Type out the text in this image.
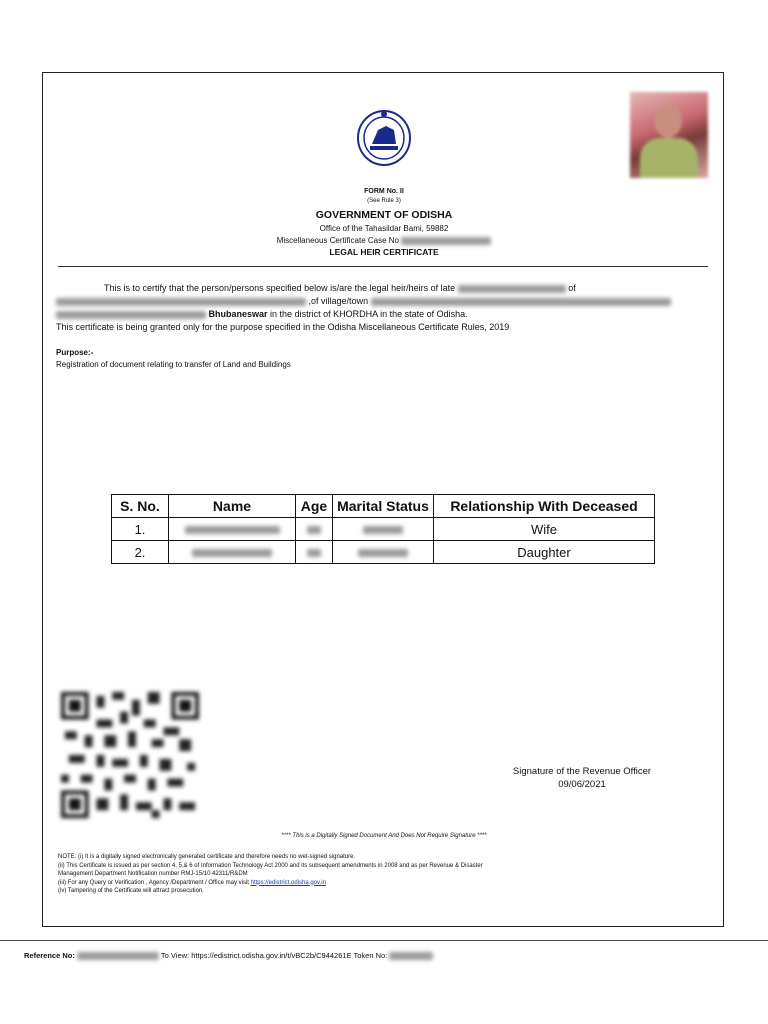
FORM No. II
(See Rule 3)
GOVERNMENT OF ODISHA
Office of the Tahasildar Bami, 59882
Miscellaneous Certificate Case No
LEGAL HEIR CERTIFICATE
This is to certify that the person/persons specified below is/are the legal heir/heirs of late	of
,of village/town
Bhubaneswar in the district of KHORDHA in the state of Odisha.
This certificate is being granted only for the purpose specified in the Odisha Miscellaneous Certificate Rules, 2019
Purpose:-
Registration of document relating to transfer of Land and Buildings
S. No.	Name	Age	Marital Status	Relationship With Deceased
1.				Wife
2.				Daughter
Signature of the Revenue Officer
09/06/2021
**** This is a Digitally Signed Document And Does Not Require Signature ****
NOTE: (i) It is a digitally signed electronically generated certificate and therefore needs no wet-signed signature.
(ii) This Certificate is issued as per section 4, 5,& 6 of Information Technology Act 2000 and its subsequent amendments in 2008 and as per Revenue & Disaster
Management Department Notification number RMJ-15/10 42311/R&DM
(iii) For any Query or Verification , Agency /Department / Office may visit https://edistrict.odisha.gov.in
(iv) Tampering of the Certificate will attract prosecution.
Reference No:	To View: https://edistrict.odisha.gov.in/t/vBC2b/C944261E Token No:
